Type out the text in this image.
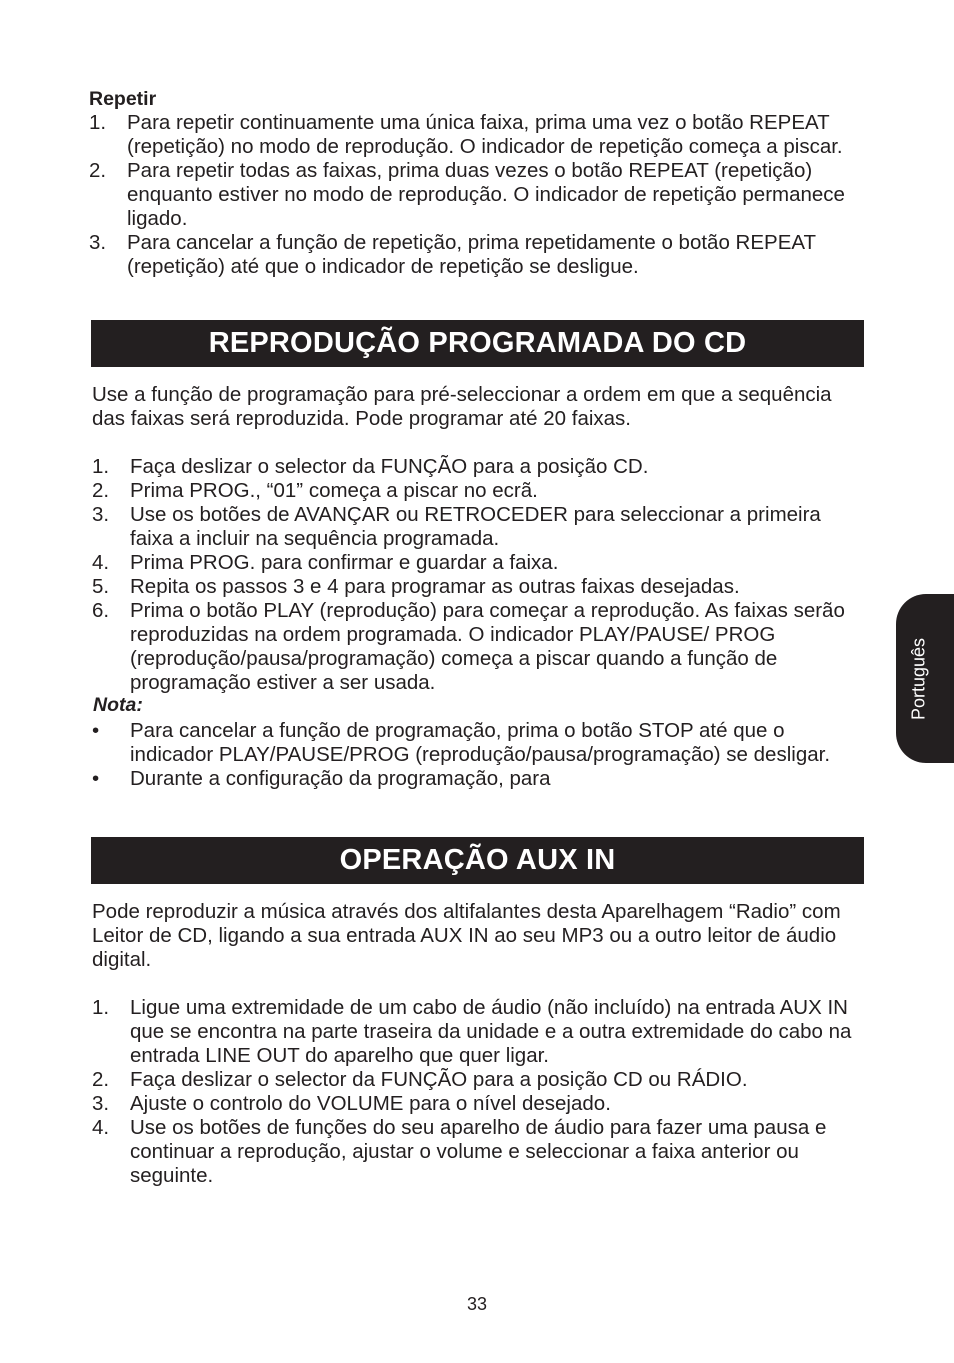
Repetir

1. Para repetir continuamente uma única faixa, prima uma vez o botão REPEAT (repetição) no modo de reprodução. O indicador de repetição começa a piscar.
2. Para repetir todas as faixas, prima duas vezes o botão REPEAT (repetição) enquanto estiver no modo de reprodução. O indicador de repetição permanece ligado.
3. Para cancelar a função de repetição, prima repetidamente o botão REPEAT (repetição) até que o indicador de repetição se desligue.
REPRODUÇÃO PROGRAMADA DO CD

Use a função de programação para pré-seleccionar a ordem em que a sequência das faixas será reproduzida. Pode programar até 20 faixas.

1. Faça deslizar o selector da FUNÇÃO para a posição CD.
2. Prima PROG., “01” começa a piscar no ecrã.
3. Use os botões de AVANÇAR ou RETROCEDER para seleccionar a primeira faixa a incluir na sequência programada.
4. Prima PROG. para confirmar e guardar a faixa.
5. Repita os passos 3 e 4 para programar as outras faixas desejadas.
6. Prima o botão PLAY (reprodução) para começar a reprodução. As faixas serão reproduzidas na ordem programada. O indicador PLAY/PAUSE/ PROG (reprodução/pausa/programação) começa a piscar quando a função de programação estiver a ser usada.

Nota:

• Para cancelar a função de programação, prima o botão STOP até que o indicador PLAY/PAUSE/PROG (reprodução/pausa/programação) se desligar.
• Durante a configuração da programação, para
OPERAÇÃO AUX IN

Pode reproduzir a música através dos altifalantes desta Aparelhagem “Radio” com Leitor de CD, ligando a sua entrada AUX IN ao seu MP3 ou a outro leitor de áudio digital.

1. Ligue uma extremidade de um cabo de áudio (não incluído) na entrada AUX IN que se encontra na parte traseira da unidade e a outra extremidade do cabo na entrada LINE OUT do aparelho que quer ligar.
2. Faça deslizar o selector da FUNÇÃO para a posição CD ou RÁDIO.
3. Ajuste o controlo do VOLUME para o nível desejado.
4. Use os botões de funções do seu aparelho de áudio para fazer uma pausa e continuar a reprodução, ajustar o volume e seleccionar a faixa anterior ou seguinte.
Português

33
